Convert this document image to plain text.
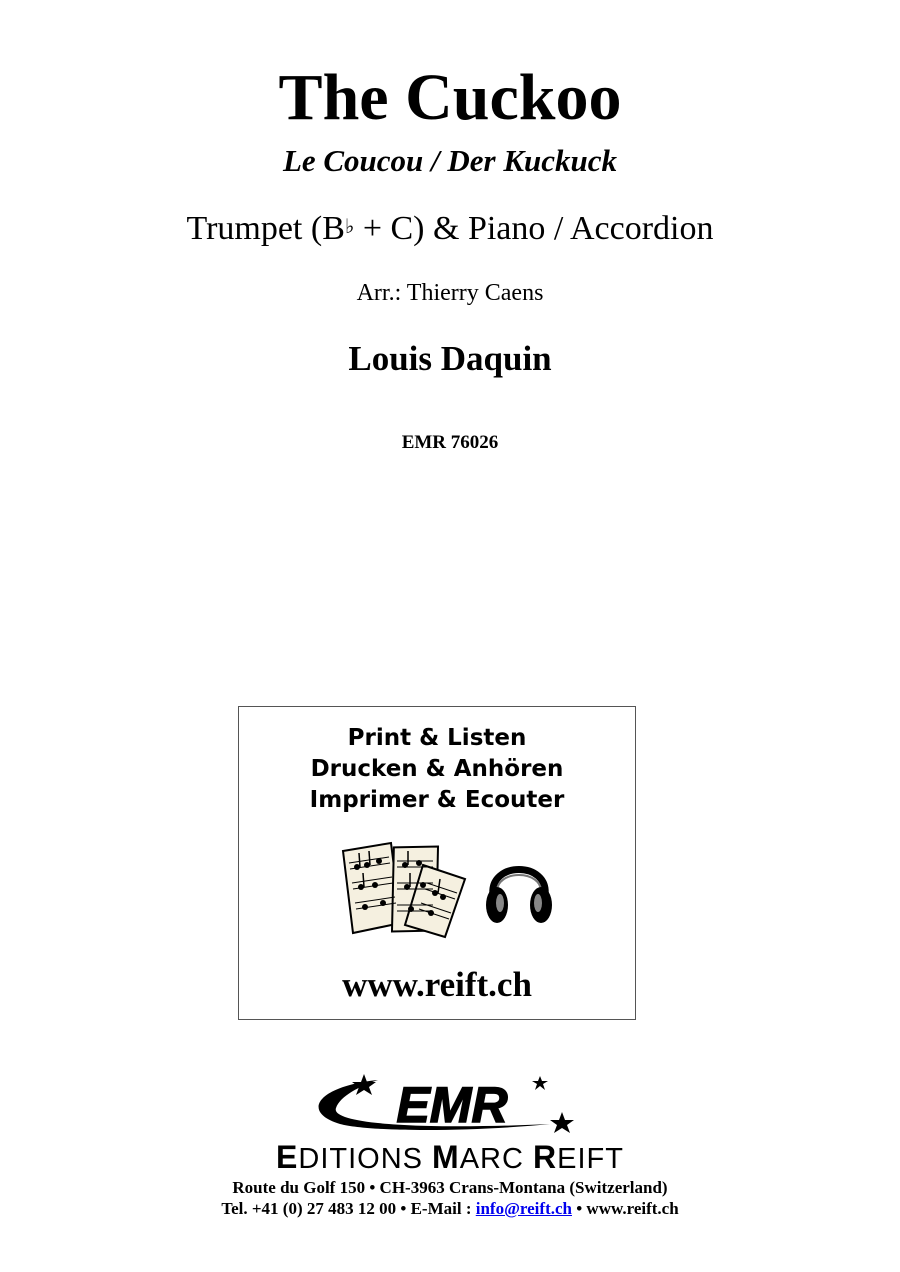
The Cuckoo
Le Coucou / Der Kuckuck
Trumpet (B♭ + C) & Piano / Accordion
Arr.: Thierry Caens
Louis Daquin
EMR 76026
Print & Listen
Drucken & Anhören
Imprimer & Ecouter
www.reift.ch
EMR
EDITIONS MARC REIFT
Route du Golf 150 • CH-3963 Crans-Montana (Switzerland)
Tel. +41 (0) 27 483 12 00 • E-Mail : info@reift.ch • www.reift.ch
